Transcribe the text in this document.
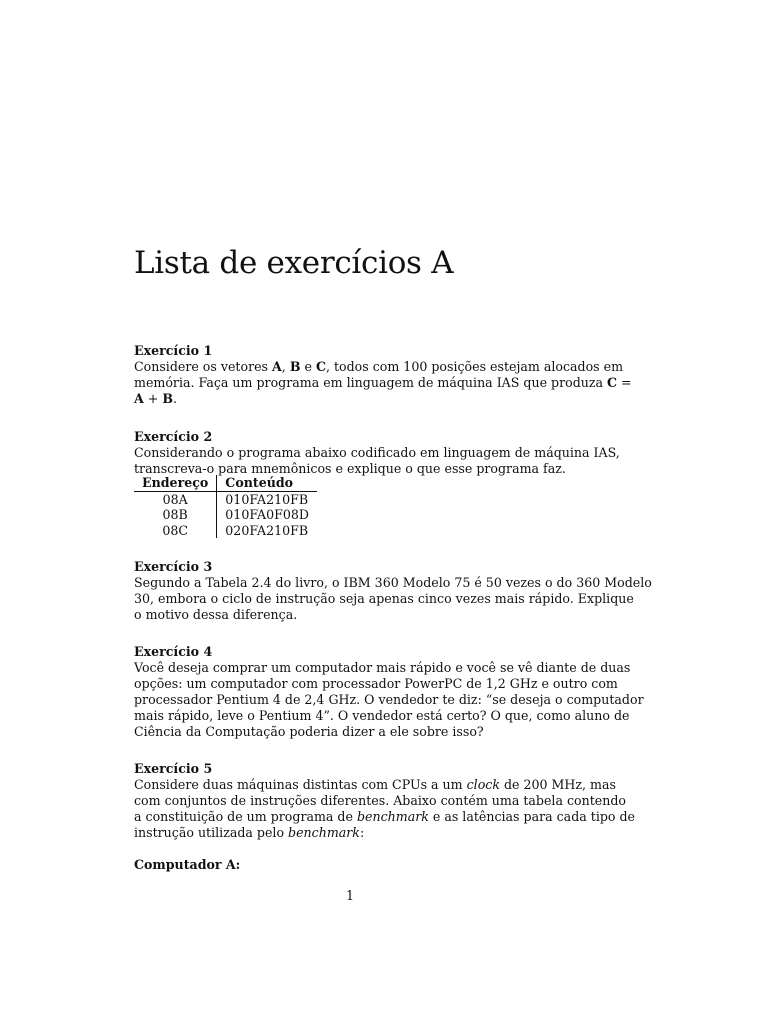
Lista de exercícios A

Exercício 1

Considere os vetores A, B e C, todos com 100 posições estejam alocados em
memória. Faça um programa em linguagem de máquina IAS que produza C =
A + B.

Exercício 2

Considerando o programa abaixo codificado em linguagem de máquina IAS,
transcreva-o para mnemônicos e explique o que esse programa faz.

Endereço	Conteúdo
08A	010FA210FB
08B	010FA0F08D
08C	020FA210FB

Exercício 3

Segundo a Tabela 2.4 do livro, o IBM 360 Modelo 75 é 50 vezes o do 360 Modelo
30, embora o ciclo de instrução seja apenas cinco vezes mais rápido. Explique
o motivo dessa diferença.

Exercício 4

Você deseja comprar um computador mais rápido e você se vê diante de duas
opções: um computador com processador PowerPC de 1,2 GHz e outro com
processador Pentium 4 de 2,4 GHz. O vendedor te diz: “se deseja o computador
mais rápido, leve o Pentium 4”. O vendedor está certo? O que, como aluno de
Ciência da Computação poderia dizer a ele sobre isso?

Exercício 5

Considere duas máquinas distintas com CPUs a um clock de 200 MHz, mas
com conjuntos de instruções diferentes. Abaixo contém uma tabela contendo
a constituição de um programa de benchmark e as latências para cada tipo de
instrução utilizada pelo benchmark:

Computador A:

1
